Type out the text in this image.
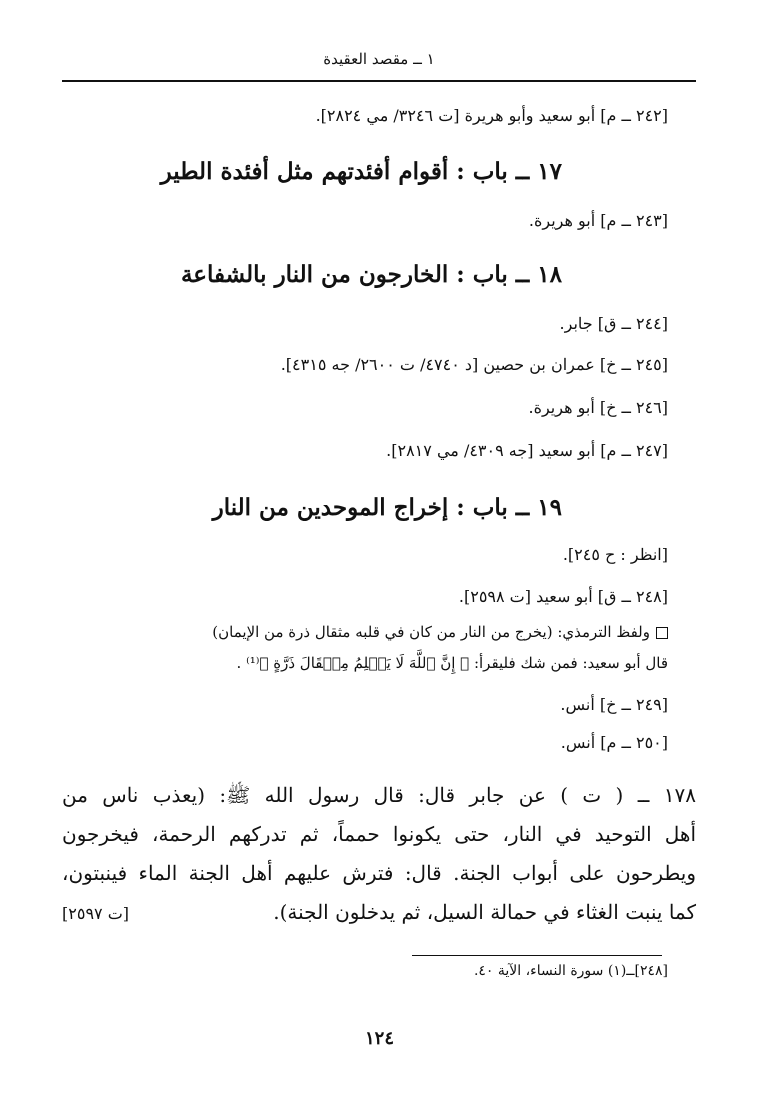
١ ــ مقصد العقيدة
[٢٤٢ ــ م] أبو سعيد وأبو هريرة [ت ٣٢٤٦/ مي ٢٨٢٤].
١٧ ــ باب : أقوام أفئدتهم مثل أفئدة الطير
[٢٤٣ ــ م] أبو هريرة.
١٨ ــ باب : الخارجون من النار بالشفاعة
[٢٤٤ ــ ق] جابر.
[٢٤٥ ــ خ] عمران بن حصين [د ٤٧٤٠/ ت ٢٦٠٠/ جه ٤٣١٥].
[٢٤٦ ــ خ] أبو هريرة.
[٢٤٧ ــ م] أبو سعيد [جه ٤٣٠٩/ مي ٢٨١٧].
١٩ ــ باب : إخراج الموحدين من النار
[انظر : ح ٢٤٥].
[٢٤٨ ــ ق] أبو سعيد [ت ٢٥٩٨].
ولفظ الترمذي: (يخرج من النار من كان في قلبه مثقال ذرة من الإيمان)
قال أبو سعيد: فمن شك فليقرأ: ﴿ إِنَّ ٱللَّهَ لَا يَظۡلِمُ مِثۡقَالَ ذَرَّةٍ ﴾⁽¹⁾ .
[٢٤٩ ــ خ] أنس.
[٢٥٠ ــ م] أنس.
١٧٨ ــ ( ت ) عن جابر قال: قال رسول الله ﷺ: (يعذب ناس من
أهل التوحيد في النار، حتى يكونوا حمماً، ثم تدركهم الرحمة، فيخرجون
ويطرحون على أبواب الجنة. قال: فترش عليهم أهل الجنة الماء فينبتون،
كما ينبت الغثاء في حمالة السيل، ثم يدخلون الجنة).
[ت ٢٥٩٧]
[٢٤٨]ــ(١) سورة النساء، الآية ٤٠.
١٢٤
